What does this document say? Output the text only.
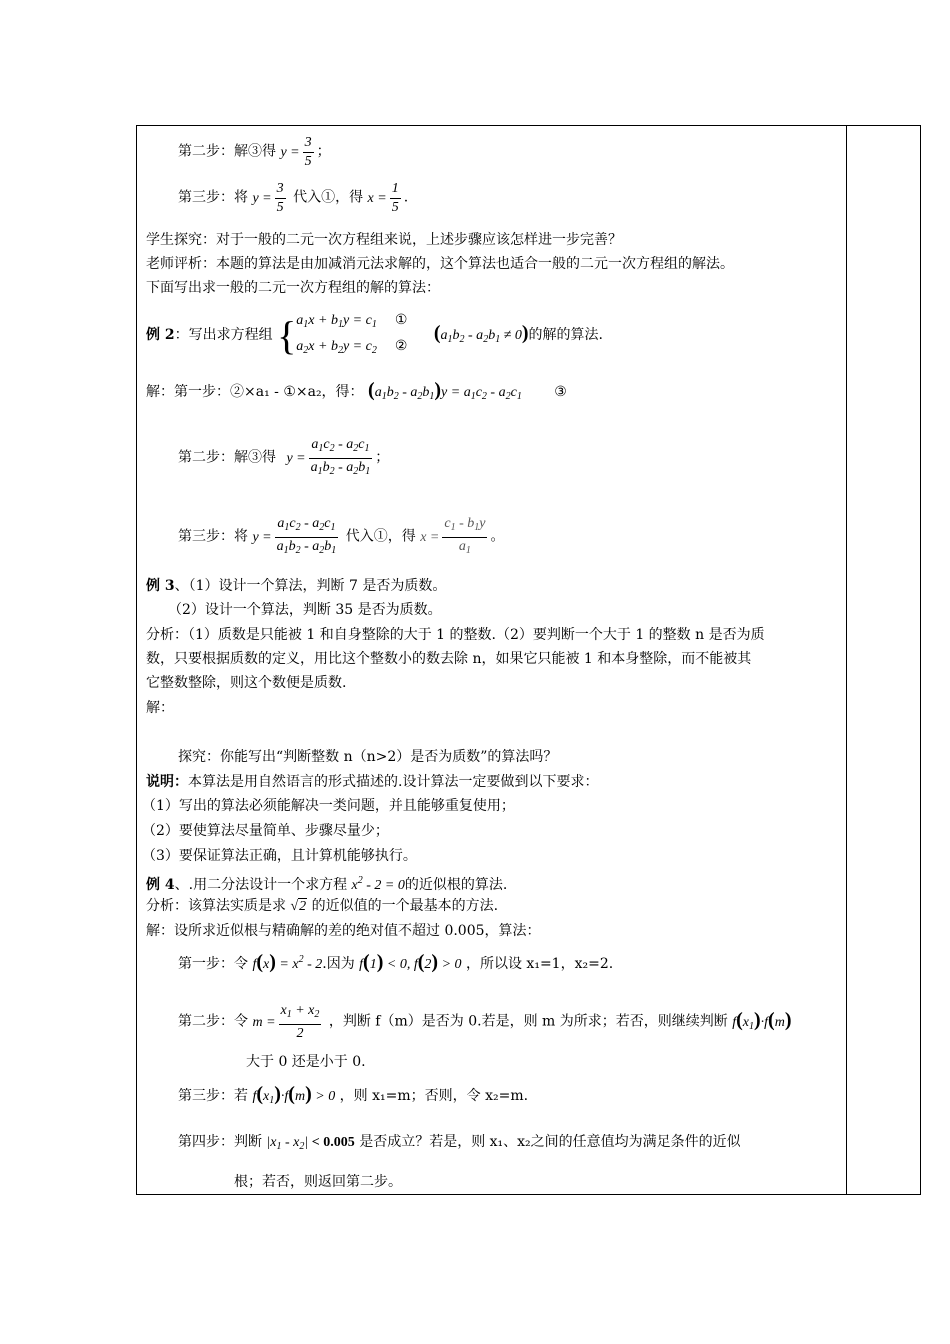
第二步：解③得 $y = \frac{3}{5}$ ；
第三步：将 $y = \frac{3}{5}$ 代入①，得 $x = \frac{1}{5}$ .
学生探究：对于一般的二元一次方程组来说，上述步骤应该怎样进一步完善？
老师评析：本题的算法是由加减消元法求解的，这个算法也适合一般的二元一次方程组的解法。
下面写出求一般的二元一次方程组的解的算法：
例 2：写出求方程组 {$a_1x + b_1y = c_1$ ①
$a_2x + b_2y = c_2$ ② $(a_1b_2 - a_2b_1 \ne 0)$的解的算法.
解：第一步：②×a₁ - ①×a₂，得： $(a_1b_2 - a_2b_1)y = a_1c_2 - a_2c_1$ ③
第二步：解③得 $y = \frac{a_1c_2 - a_2c_1}{a_1b_2 - a_2b_1}$ ；
第三步：将 $y = \frac{a_1c_2 - a_2c_1}{a_1b_2 - a_2b_1}$ 代入①，得 $x = \frac{c_1 - b_1y}{a_1}$ 。
例 3、（1）设计一个算法，判断 7 是否为质数。
（2）设计一个算法，判断 35 是否为质数。
分析：（1）质数是只能被 1 和自身整除的大于 1 的整数.（2）要判断一个大于 1 的整数 n 是否为质
数，只要根据质数的定义，用比这个整数小的数去除 n，如果它只能被 1 和本身整除，而不能被其
它整数整除，则这个数便是质数.
解：
探究：你能写出“判断整数 n（n>2）是否为质数”的算法吗？
说明：本算法是用自然语言的形式描述的.设计算法一定要做到以下要求：
（1）写出的算法必须能解决一类问题，并且能够重复使用；
（2）要使算法尽量简单、步骤尽量少；
（3）要保证算法正确，且计算机能够执行。
例 4、.用二分法设计一个求方程 $x^2 - 2 = 0$的近似根的算法.
分析：该算法实质是求 √2 的近似值的一个最基本的方法.
解：设所求近似根与精确解的差的绝对值不超过 0.005，算法：
第一步：令 $f(x) = x^2 - 2$.因为 f(1) < 0, f(2) > 0 ，所以设 x₁=1，x₂=2.
第二步：令 $m = \frac{x_1 + x_2}{2}$ ，判断 f（m）是否为 0.若是，则 m 为所求；若否，则继续判断 $f(x_1)\cdot f(m)$
大于 0 还是小于 0.
第三步：若 $f(x_1)\cdot f(m) > 0$ ，则 x₁=m；否则，令 x₂=m.
第四步：判断 $|x_1 - x_2| < 0.005$ 是否成立？若是，则 x₁、x₂之间的任意值均为满足条件的近似
根；若否，则返回第二步。
